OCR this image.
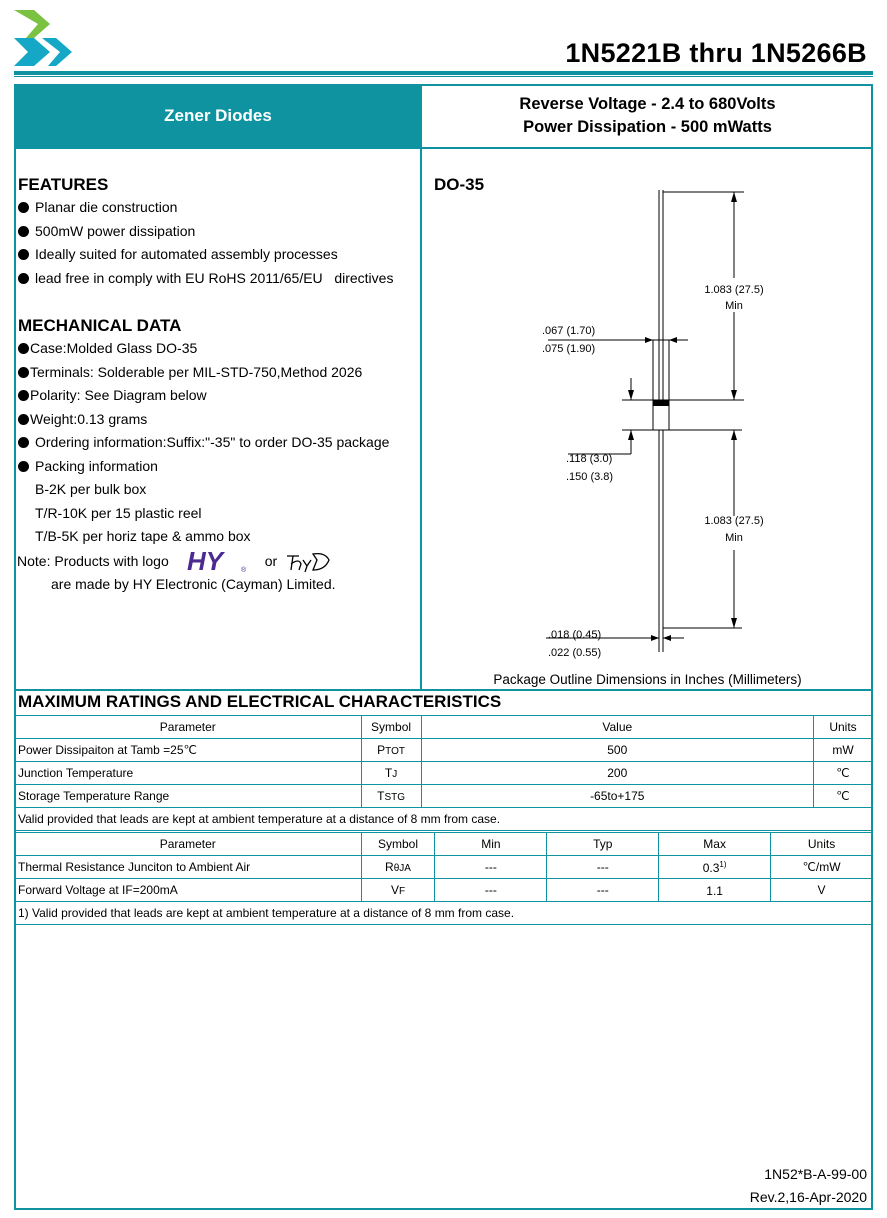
1N5221B thru 1N5266B
Zener Diodes
Reverse Voltage - 2.4 to 680Volts
Power Dissipation - 500 mWatts
FEATURES
Planar die construction
500mW power dissipation
Ideally suited for automated assembly processes
lead free in comply with EU RoHS 2011/65/EU   directives
MECHANICAL DATA
Case:Molded Glass DO-35
Terminals: Solderable per MIL-STD-750,Method 2026
Polarity: See Diagram below
Weight:0.13 grams
Ordering information:Suffix:"-35" to order DO-35 package
Packing information
B-2K per bulk box
T/R-10K per 15 plastic reel
T/B-5K per horiz tape & ammo box
Note: Products with logo HY	®
or
are made by HY Electronic (Cayman) Limited.
DO-35
1.083 (27.5)
Min
.067 (1.70)
.075 (1.90)
.118 (3.0)
.150 (3.8)
1.083 (27.5)
Min
.018 (0.45)
.022 (0.55)
Package Outline Dimensions in Inches (Millimeters)
MAXIMUM RATINGS AND ELECTRICAL CHARACTERISTICS
Parameter	Symbol	Value	Units
Power Dissipaiton at Tamb =25℃	PTOT	500	mW
Junction Temperature	TJ	200	℃
Storage Temperature Range	TSTG	-65to+175	℃
Valid provided that leads are kept at ambient temperature at a distance of 8 mm from case.			
Parameter	Symbol	Min	Typ	Max	Units
Thermal Resistance Junciton to Ambient Air	RθJA	---	---	0.3$^{1)}$	℃/mW
Forward Voltage at IF=200mA	VF	---	---	1.1	V
1) Valid provided that leads are kept at ambient temperature at a distance of 8 mm from case.					
1N52*B-A-99-00
Rev.2,16-Apr-2020
